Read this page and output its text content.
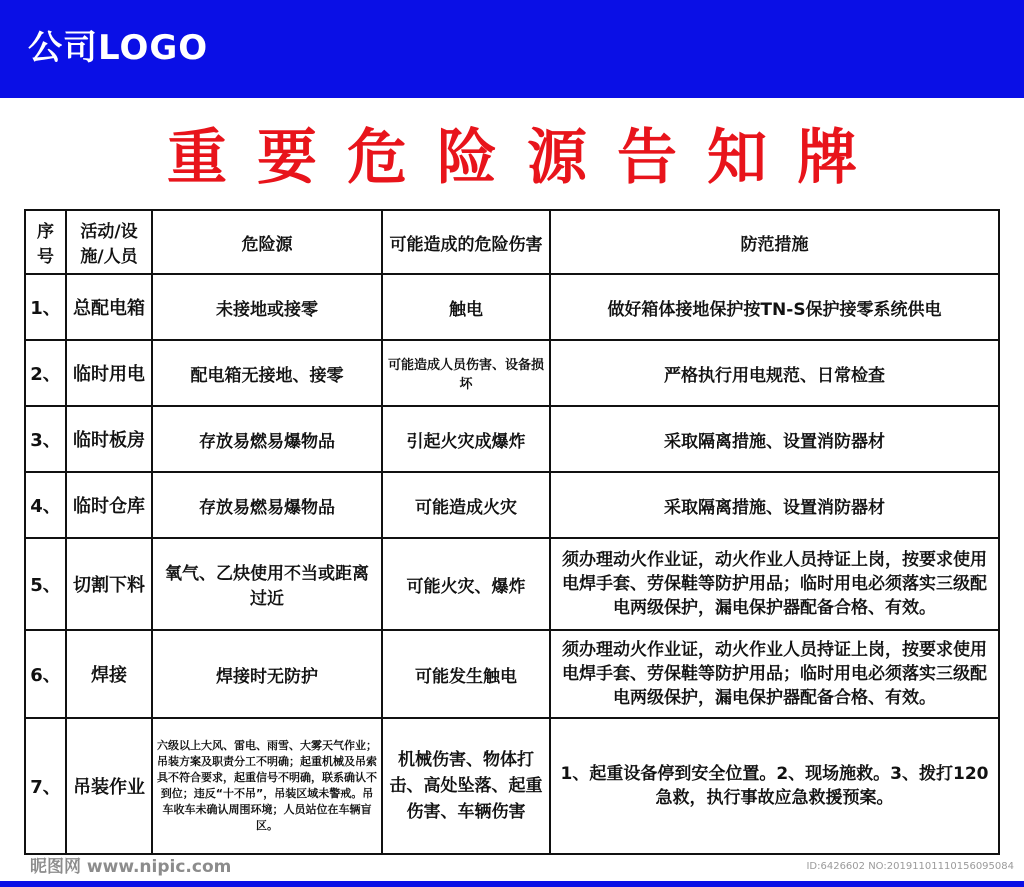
公司LOGO
重要危险源告知牌
序号	活动/设施/人员	危险源	可能造成的危险伤害	防范措施
1、	总配电箱	未接地或接零	触电	做好箱体接地保护按TN-S保护接零系统供电
2、	临时用电	配电箱无接地、接零	可能造成人员伤害、设备损坏	严格执行用电规范、日常检查
3、	临时板房	存放易燃易爆物品	引起火灾成爆炸	采取隔离措施、设置消防器材
4、	临时仓库	存放易燃易爆物品	可能造成火灾	采取隔离措施、设置消防器材
5、	切割下料	氧气、乙炔使用不当或距离过近	可能火灾、爆炸	须办理动火作业证，动火作业人员持证上岗，按要求使用电焊手套、劳保鞋等防护用品；临时用电必须落实三级配电两级保护，漏电保护器配备合格、有效。
6、	焊接	焊接时无防护	可能发生触电	须办理动火作业证，动火作业人员持证上岗，按要求使用电焊手套、劳保鞋等防护用品；临时用电必须落实三级配电两级保护，漏电保护器配备合格、有效。
7、	吊装作业	六级以上大风、雷电、雨雪、大雾天气作业；吊装方案及职责分工不明确；起重机械及吊索具不符合要求，起重信号不明确，联系确认不到位；违反“十不吊”，吊装区域未警戒。吊车收车未确认周围环境；人员站位在车辆盲区。	机械伤害、物体打击、高处坠落、起重伤害、车辆伤害	1、起重设备停到安全位置。2、现场施救。3、拨打120急救，执行事故应急救援预案。
昵图网 www.nipic.com	ID:6426602 NO:20191101110156095084
